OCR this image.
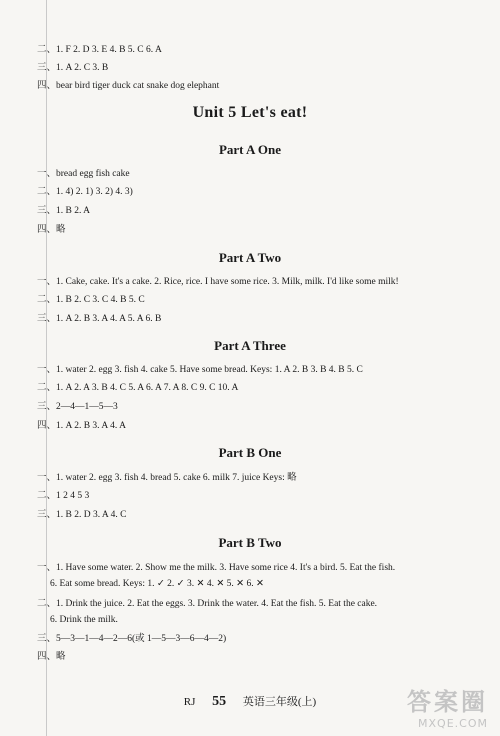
Unit 5 Let's eat!
Part A One
Part A Two
Part A Three
Part B One
Part B Two
二、1. F 2. D 3. E 4. B 5. C 6. A
三、1. A 2. C 3. B
四、bear bird tiger duck cat snake dog elephant
一、bread egg fish cake
二、1. 4) 2. 1) 3. 2) 4. 3)
三、1. B 2. A
四、略
一、1. Cake, cake. It's a cake. 2. Rice, rice. I have some rice. 3. Milk, milk. I'd like some milk!
二、1. B 2. C 3. C 4. B 5. C
三、1. A 2. B 3. A 4. A 5. A 6. B
一、1. water 2. egg 3. fish 4. cake 5. Have some bread. Keys: 1. A 2. B 3. B 4. B 5. C
二、1. A 2. A 3. B 4. C 5. A 6. A 7. A 8. C 9. C 10. A
三、2—4—1—5—3
四、1. A 2. B 3. A 4. A
一、1. water 2. egg 3. fish 4. bread 5. cake 6. milk 7. juice Keys: 略
二、1 2 4 5 3
三、1. B 2. D 3. A 4. C
一、1. Have some water. 2. Show me the milk. 3. Have some rice 4. It's a bird. 5. Eat the fish.
6. Eat some bread. Keys: 1. ✓ 2. ✓ 3. ✕ 4. ✕ 5. ✕ 6. ✕
二、1. Drink the juice. 2. Eat the eggs. 3. Drink the water. 4. Eat the fish. 5. Eat the cake.
6. Drink the milk.
三、5—3—1—4—2—6(或 1—5—3—6—4—2)
四、略
RJ 55 英语三年级(上)	答案圈
MXQE.COM
